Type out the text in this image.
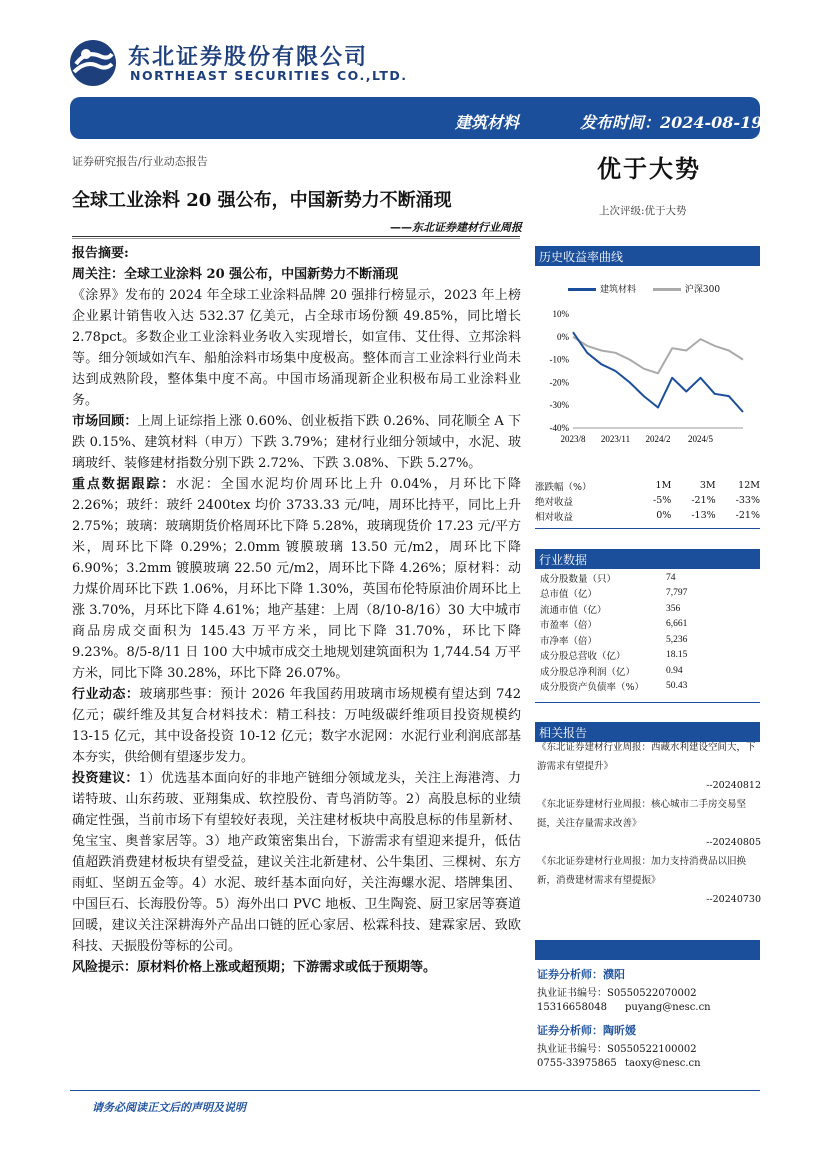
东北证券股份有限公司
NORTHEAST SECURITIES CO.,LTD.
建筑材料	发布时间：2024-08-19
证券研究报告/行业动态报告	优于大势
上次评级:优于大势
全球工业涂料 20 强公布，中国新势力不断涌现
——东北证券建材行业周报
报告摘要:

周关注：全球工业涂料 20 强公布，中国新势力不断涌现

《涂界》发布的 2024 年全球工业涂料品牌 20 强排行榜显示，2023 年上榜企业累计销售收入达 532.37 亿美元，占全球市场份额 49.85%，同比增长 2.78pct。多数企业工业涂料业务收入实现增长，如宣伟、艾仕得、立邦涂料等。细分领域如汽车、船舶涂料市场集中度极高。整体而言工业涂料行业尚未达到成熟阶段，整体集中度不高。中国市场涌现新企业积极布局工业涂料业务。

市场回顾：上周上证综指上涨 0.60%、创业板指下跌 0.26%、同花顺全 A 下跌 0.15%、建筑材料（申万）下跌 3.79%；建材行业细分领域中，水泥、玻璃玻纤、装修建材指数分别下跌 2.72%、下跌 3.08%、下跌 5.27%。

重点数据跟踪：水泥：全国水泥均价周环比上升 0.04%，月环比下降 2.26%；玻纤：玻纤 2400tex 均价 3733.33 元/吨，周环比持平，同比上升 2.75%；玻璃：玻璃期货价格周环比下降 5.28%，玻璃现货价 17.23 元/平方米，周环比下降 0.29%；2.0mm 镀膜玻璃 13.50 元/m2，周环比下降 6.90%；3.2mm 镀膜玻璃 22.50 元/m2，周环比下降 4.26%；原材料：动力煤价周环比下跌 1.06%，月环比下降 1.30%，英国布伦特原油价周环比上涨 3.70%，月环比下降 4.61%；地产基建：上周（8/10-8/16）30 大中城市商品房成交面积为 145.43 万平方米，同比下降 31.70%，环比下降 9.23%。8/5-8/11 日 100 大中城市成交土地规划建筑面积为 1,744.54 万平方米，同比下降 30.28%，环比下降 26.07%。

行业动态：玻璃那些事：预计 2026 年我国药用玻璃市场规模有望达到 742 亿元；碳纤维及其复合材料技术：精工科技：万吨级碳纤维项目投资规模约 13-15 亿元，其中设备投资 10-12 亿元；数字水泥网：水泥行业利润底部基本夯实，供给侧有望逐步发力。

投资建议：1）优选基本面向好的非地产链细分领域龙头，关注上海港湾、力诺特玻、山东药玻、亚翔集成、软控股份、青鸟消防等。2）高股息标的业绩确定性强，当前市场下有望较好表现，关注建材板块中高股息标的伟星新材、兔宝宝、奥普家居等。3）地产政策密集出台，下游需求有望迎来提升，低估值超跌消费建材板块有望受益，建议关注北新建材、公牛集团、三棵树、东方雨虹、坚朗五金等。4）水泥、玻纤基本面向好，关注海螺水泥、塔牌集团、中国巨石、长海股份等。5）海外出口 PVC 地板、卫生陶瓷、厨卫家居等赛道回暖，建议关注深耕海外产品出口链的匠心家居、松霖科技、建霖家居、致欧科技、天振股份等标的公司。

风险提示：原材料价格上涨或超预期；下游需求或低于预期等。

历史收益率曲线
建筑材料	沪深300
10%
0%
-10%
-20%
-30%
-40%
2023/8 2023/11 2024/2 2024/5
涨跌幅（%）	1M	3M	12M
绝对收益	-5%	-21%	-33%
相对收益	0%	-13%	-21%
行业数据
成分股数量（只）	74
总市值（亿）	7,797
流通市值（亿）	356
市盈率（倍）	6,661
市净率（倍）	5,236
成分股总营收（亿）	18.15
成分股总净利润（亿）	0.94
成分股资产负债率（%）	50.43
相关报告
《东北证券建材行业周报：西藏水利建设空间大，下游需求有望提升》
--20240812
《东北证券建材行业周报：核心城市二手房交易坚挺，关注存量需求改善》
--20240805
《东北证券建材行业周报：加力支持消费品以旧换新，消费建材需求有望提振》
--20240730
证券分析师：濮阳
执业证书编号：S0550522070002
15316658048 puyang@nesc.cn
证券分析师：陶昕媛
执业证书编号：S0550522100002
0755-33975865 taoxy@nesc.cn
请务必阅读正文后的声明及说明
